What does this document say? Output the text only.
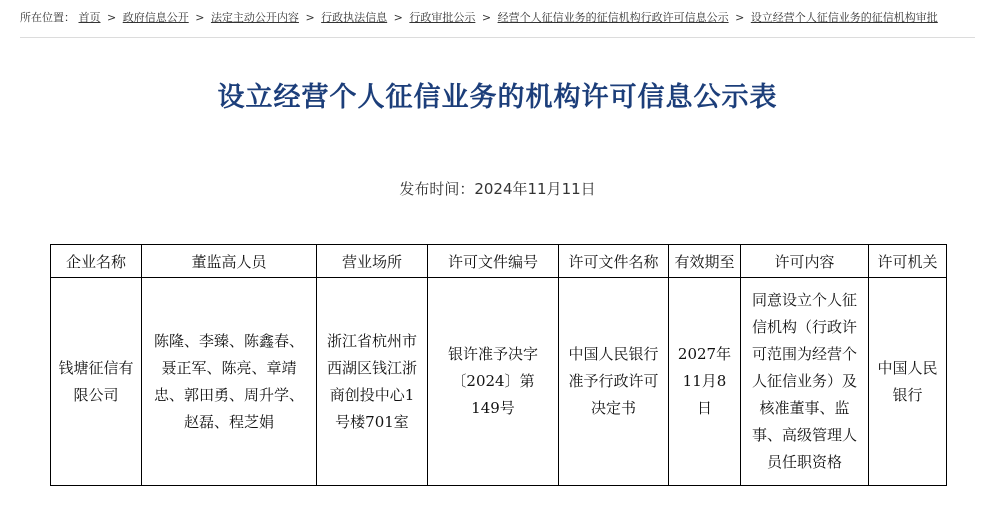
所在位置： 首页 > 政府信息公开 > 法定主动公开内容 > 行政执法信息 > 行政审批公示 > 经营个人征信业务的征信机构行政许可信息公示 > 设立经营个人征信业务的征信机构审批
设立经营个人征信业务的机构许可信息公示表
发布时间：2024年11月11日
企业名称	董监高人员	营业场所	许可文件编号	许可文件名称	有效期至	许可内容	许可机关

钱塘征信有限公司	陈隆、李臻、陈鑫春、聂正军、陈亮、章靖忠、郭田勇、周升学、赵磊、程芝娟	浙江省杭州市西湖区钱江浙商创投中心1号楼701室	银许准予决字〔2024〕第149号	中国人民银行准予行政许可决定书	2027年11月8日	同意设立个人征信机构（行政许可范围为经营个人征信业务）及核准董事、监事、高级管理人员任职资格	中国人民银行
